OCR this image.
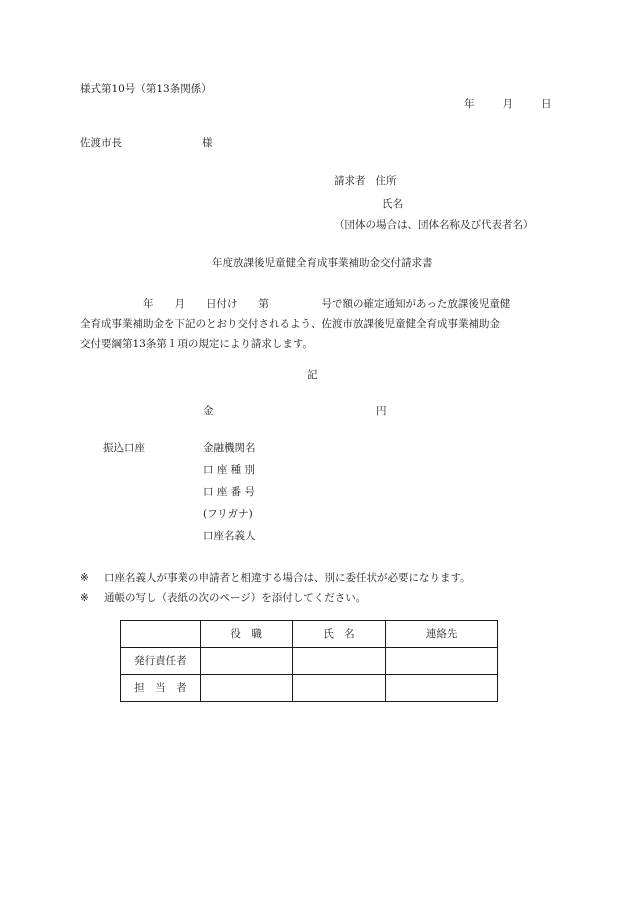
様式第10号（第13条関係）
年	月	日
佐渡市長	様
請求者 住所
氏名
（団体の場合は、団体名称及び代表者名）
年度放課後児童健全育成事業補助金交付請求書
　　　　　　年　　月　　日付け　　第　　　　　号で額の確定通知があった放課後児童健
全育成事業補助金を下記のとおり交付されるよう、佐渡市放課後児童健全育成事業補助金
交付要綱第13条第１項の規定により請求します。
記
金	円
振込口座	金融機関名
口 座 種 別
口 座 番 号
(フリガナ)
口座名義人
※ 口座名義人が事業の申請者と相違する場合は、別に委任状が必要になります。
※ 通帳の写し（表紙の次のページ）を添付してください。
	役　職	氏　名	連絡先
発行責任者			
担　当　者			
